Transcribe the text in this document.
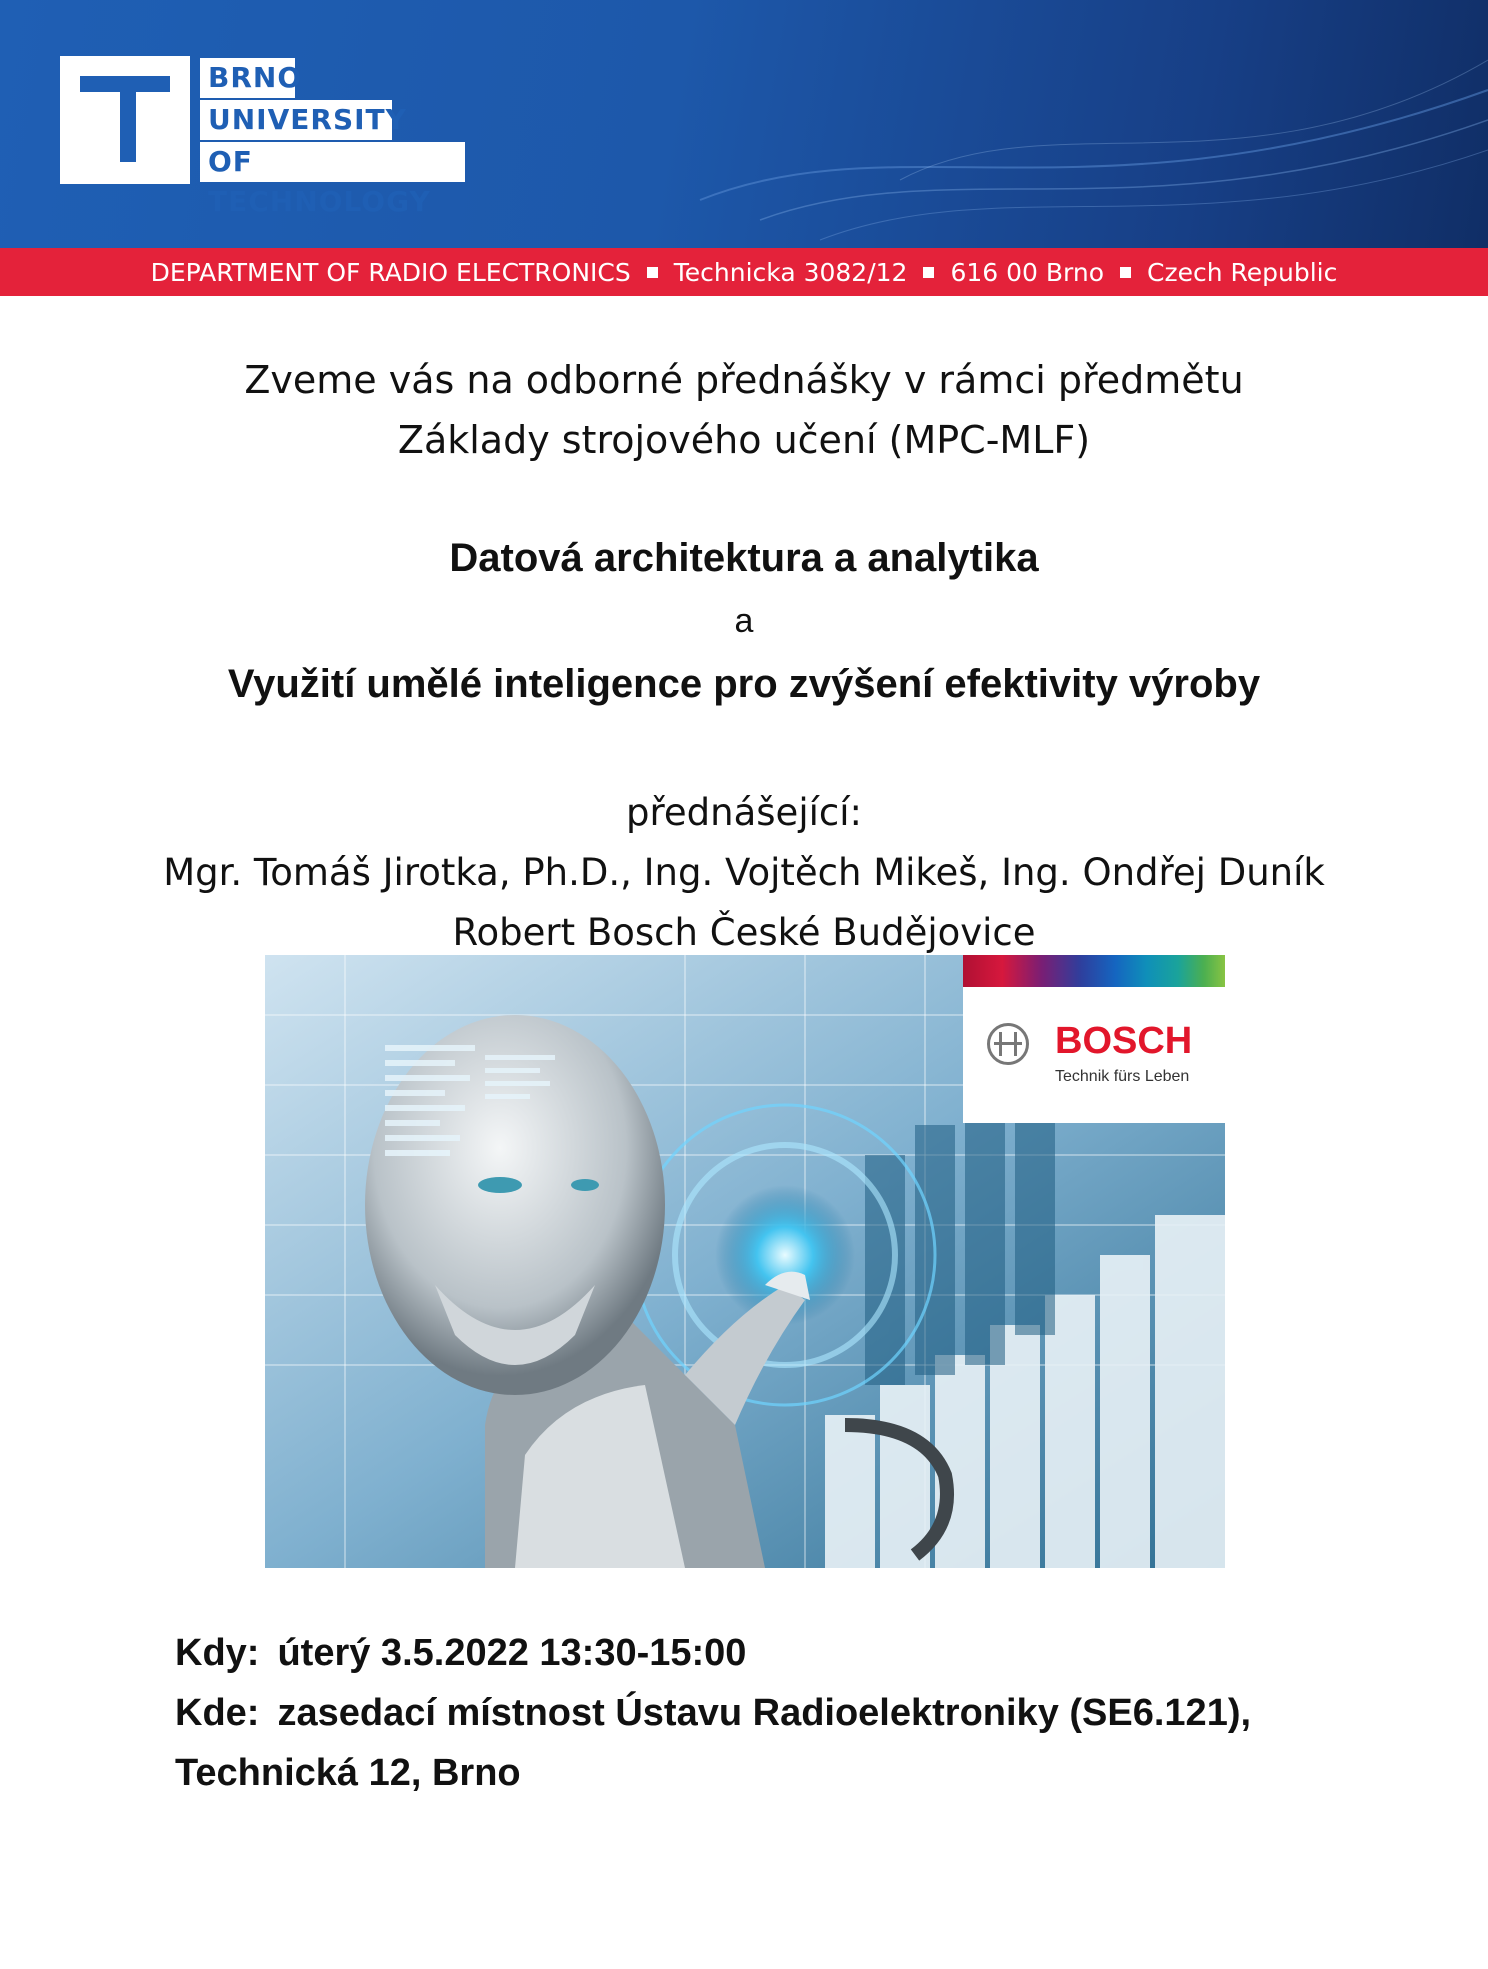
BRNO
UNIVERSITY
OF TECHNOLOGY
DEPARTMENT OF RADIO ELECTRONICS Technicka 3082/12 616 00 Brno Czech Republic
Zveme vás na odborné přednášky v rámci předmětu
Základy strojového učení (MPC-MLF)
Datová architektura a analytika
a
Využití umělé inteligence pro zvýšení efektivity výroby
přednášející:
Mgr. Tomáš Jirotka, Ph.D., Ing. Vojtěch Mikeš, Ing. Ondřej Duník
Robert Bosch České Budějovice
BOSCH
Technik fürs Leben
Kdy: úterý 3.5.2022 13:30-15:00
Kde: zasedací místnost Ústavu Radioelektroniky (SE6.121),
Technická 12, Brno
